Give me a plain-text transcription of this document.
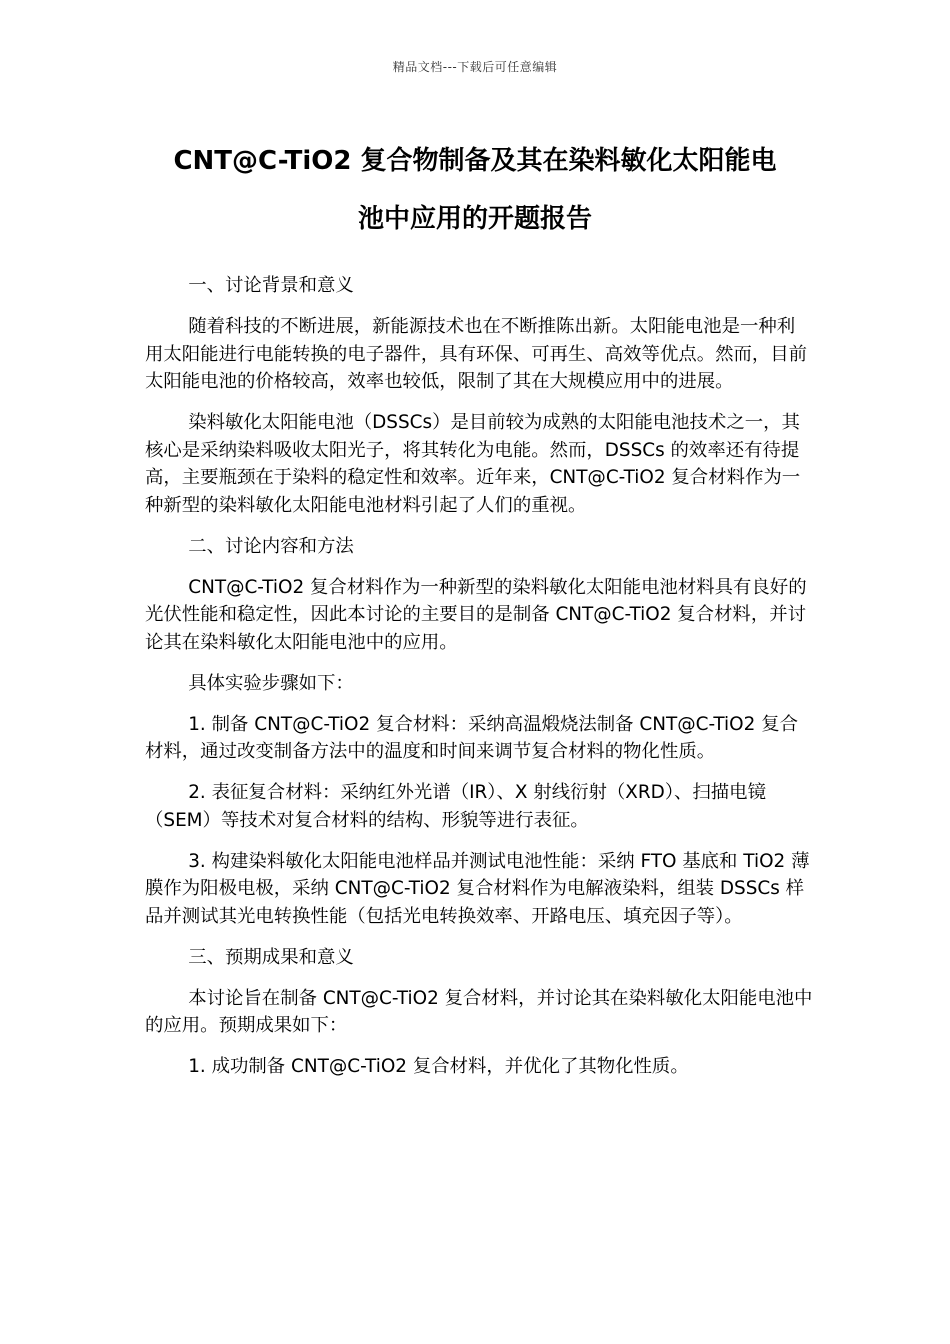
精品文档---下载后可任意编辑
CNT@C-TiO2 复合物制备及其在染料敏化太阳能电
池中应用的开题报告

一、讨论背景和意义

随着科技的不断进展，新能源技术也在不断推陈出新。太阳能电池是一种利用太阳能进行电能转换的电子器件，具有环保、可再生、高效等优点。然而，目前太阳能电池的价格较高，效率也较低，限制了其在大规模应用中的进展。

染料敏化太阳能电池（DSSCs）是目前较为成熟的太阳能电池技术之一，其核心是采纳染料吸收太阳光子，将其转化为电能。然而，DSSCs 的效率还有待提高，主要瓶颈在于染料的稳定性和效率。近年来，CNT@C-TiO2 复合材料作为一种新型的染料敏化太阳能电池材料引起了人们的重视。

二、讨论内容和方法

CNT@C-TiO2 复合材料作为一种新型的染料敏化太阳能电池材料具有良好的光伏性能和稳定性，因此本讨论的主要目的是制备 CNT@C-TiO2 复合材料，并讨论其在染料敏化太阳能电池中的应用。

具体实验步骤如下：

1. 制备 CNT@C-TiO2 复合材料：采纳高温煅烧法制备 CNT@C-TiO2 复合材料，通过改变制备方法中的温度和时间来调节复合材料的物化性质。

2. 表征复合材料：采纳红外光谱（IR）、X 射线衍射（XRD）、扫描电镜（SEM）等技术对复合材料的结构、形貌等进行表征。

3. 构建染料敏化太阳能电池样品并测试电池性能：采纳 FTO 基底和 TiO2 薄膜作为阳极电极，采纳 CNT@C-TiO2 复合材料作为电解液染料，组装 DSSCs 样品并测试其光电转换性能（包括光电转换效率、开路电压、填充因子等）。

三、预期成果和意义

本讨论旨在制备 CNT@C-TiO2 复合材料，并讨论其在染料敏化太阳能电池中的应用。预期成果如下：

1. 成功制备 CNT@C-TiO2 复合材料，并优化了其物化性质。
